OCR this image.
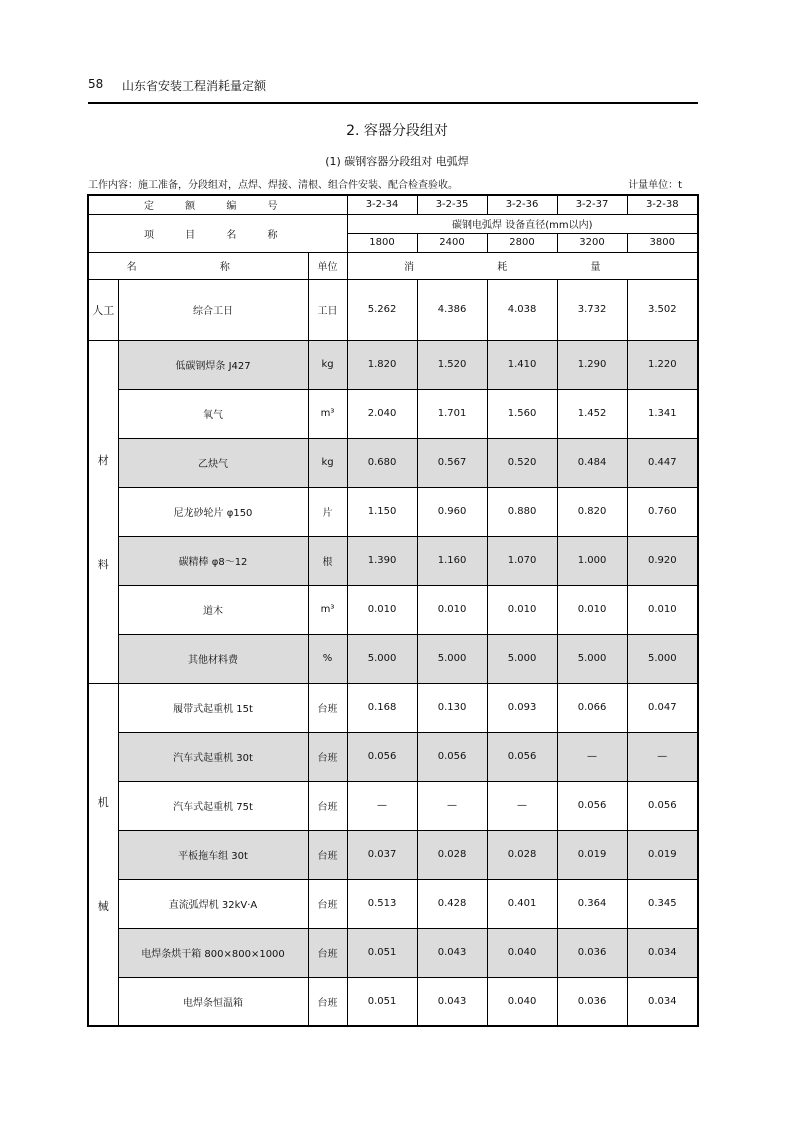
58 山东省安装工程消耗量定额
2. 容器分段组对
(1) 碳钢容器分段组对 电弧焊
工作内容：施工准备，分段组对，点焊、焊接、清根、组合件安装、配合检查验收。	计量单位：t
定 额 编 号			3-2-34	3-2-35	3-2-36	3-2-37	3-2-38
项 目 名 称			碳钢电弧焊 设备直径(mm以内)				
			1800	2400	2800	3200	3800
名 称		单位	消 耗 量				
人工	综合工日	工日	5.262	4.386	4.038	3.732	3.502

材
料	低碳钢焊条 J427	kg	1.820	1.520	1.410	1.290	1.220
	氧气	m³	2.040	1.701	1.560	1.452	1.341
	乙炔气	kg	0.680	0.567	0.520	0.484	0.447
	尼龙砂轮片 φ150	片	1.150	0.960	0.880	0.820	0.760
	碳精棒 φ8～12	根	1.390	1.160	1.070	1.000	0.920
	道木	m³	0.010	0.010	0.010	0.010	0.010
	其他材料费	%	5.000	5.000	5.000	5.000	5.000

机
械	履带式起重机 15t	台班	0.168	0.130	0.093	0.066	0.047
	汽车式起重机 30t	台班	0.056	0.056	0.056	—	—
	汽车式起重机 75t	台班	—	—	—	0.056	0.056
	平板拖车组 30t	台班	0.037	0.028	0.028	0.019	0.019
	直流弧焊机 32kV·A	台班	0.513	0.428	0.401	0.364	0.345
	电焊条烘干箱 800×800×1000	台班	0.051	0.043	0.040	0.036	0.034
	电焊条恒温箱	台班	0.051	0.043	0.040	0.036	0.034
